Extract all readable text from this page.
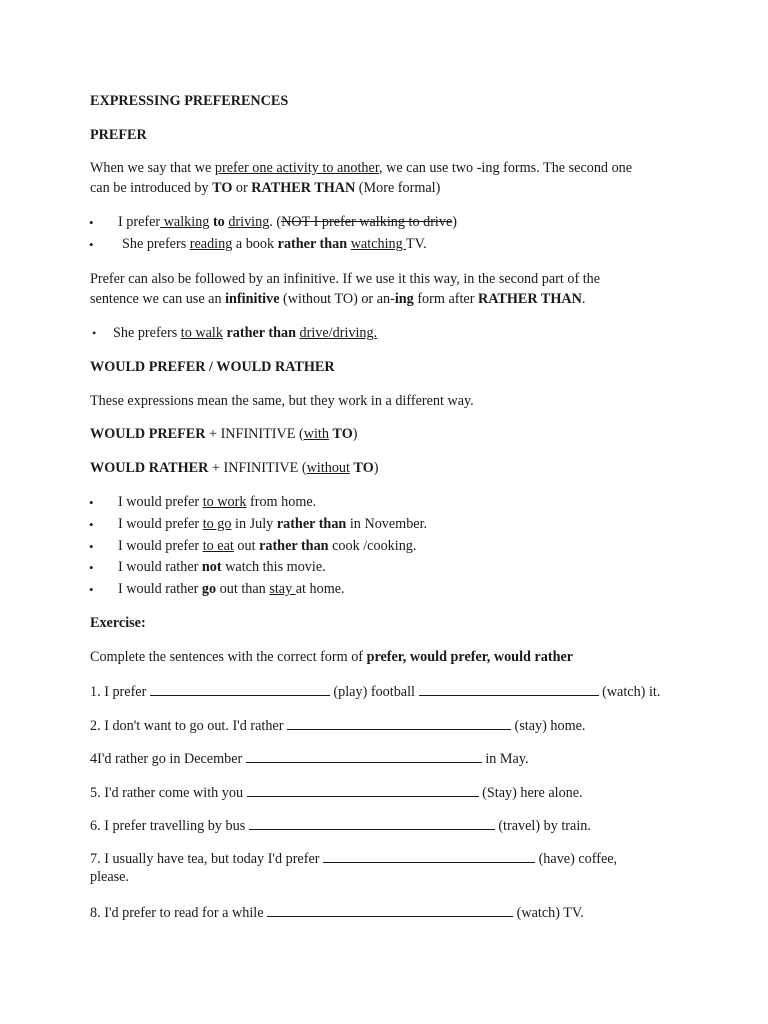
EXPRESSING PREFERENCES
PREFER
When we say that we prefer one activity to another, we can use two -ing forms. The second one
can be introduced by TO or RATHER THAN (More formal)
• I prefer walking to driving. (NOT I prefer walking to drive)
• She prefers reading a book rather than watching TV.
Prefer can also be followed by an infinitive. If we use it this way, in the second part of the
sentence we can use an infinitive (without TO) or an-ing form after RATHER THAN.
• She prefers to walk rather than drive/driving.
WOULD PREFER / WOULD RATHER
These expressions mean the same, but they work in a different way.
WOULD PREFER + INFINITIVE (with TO)
WOULD RATHER + INFINITIVE (without TO)
• I would prefer to work from home.
• I would prefer to go in July rather than in November.
• I would prefer to eat out rather than cook /cooking.
• I would rather not watch this movie.
• I would rather go out than stay at home.
Exercise:
Complete the sentences with the correct form of prefer, would prefer, would rather
1. I prefer	(play) football	(watch) it.
2. I don't want to go out. I'd rather	(stay) home.
4I'd rather go in December	in May.
5. I'd rather come with you	(Stay) here alone.
6. I prefer travelling by bus	(travel) by train.
7. I usually have tea, but today I'd prefer	(have) coffee,
please.
8. I'd prefer to read for a while	(watch) TV.
